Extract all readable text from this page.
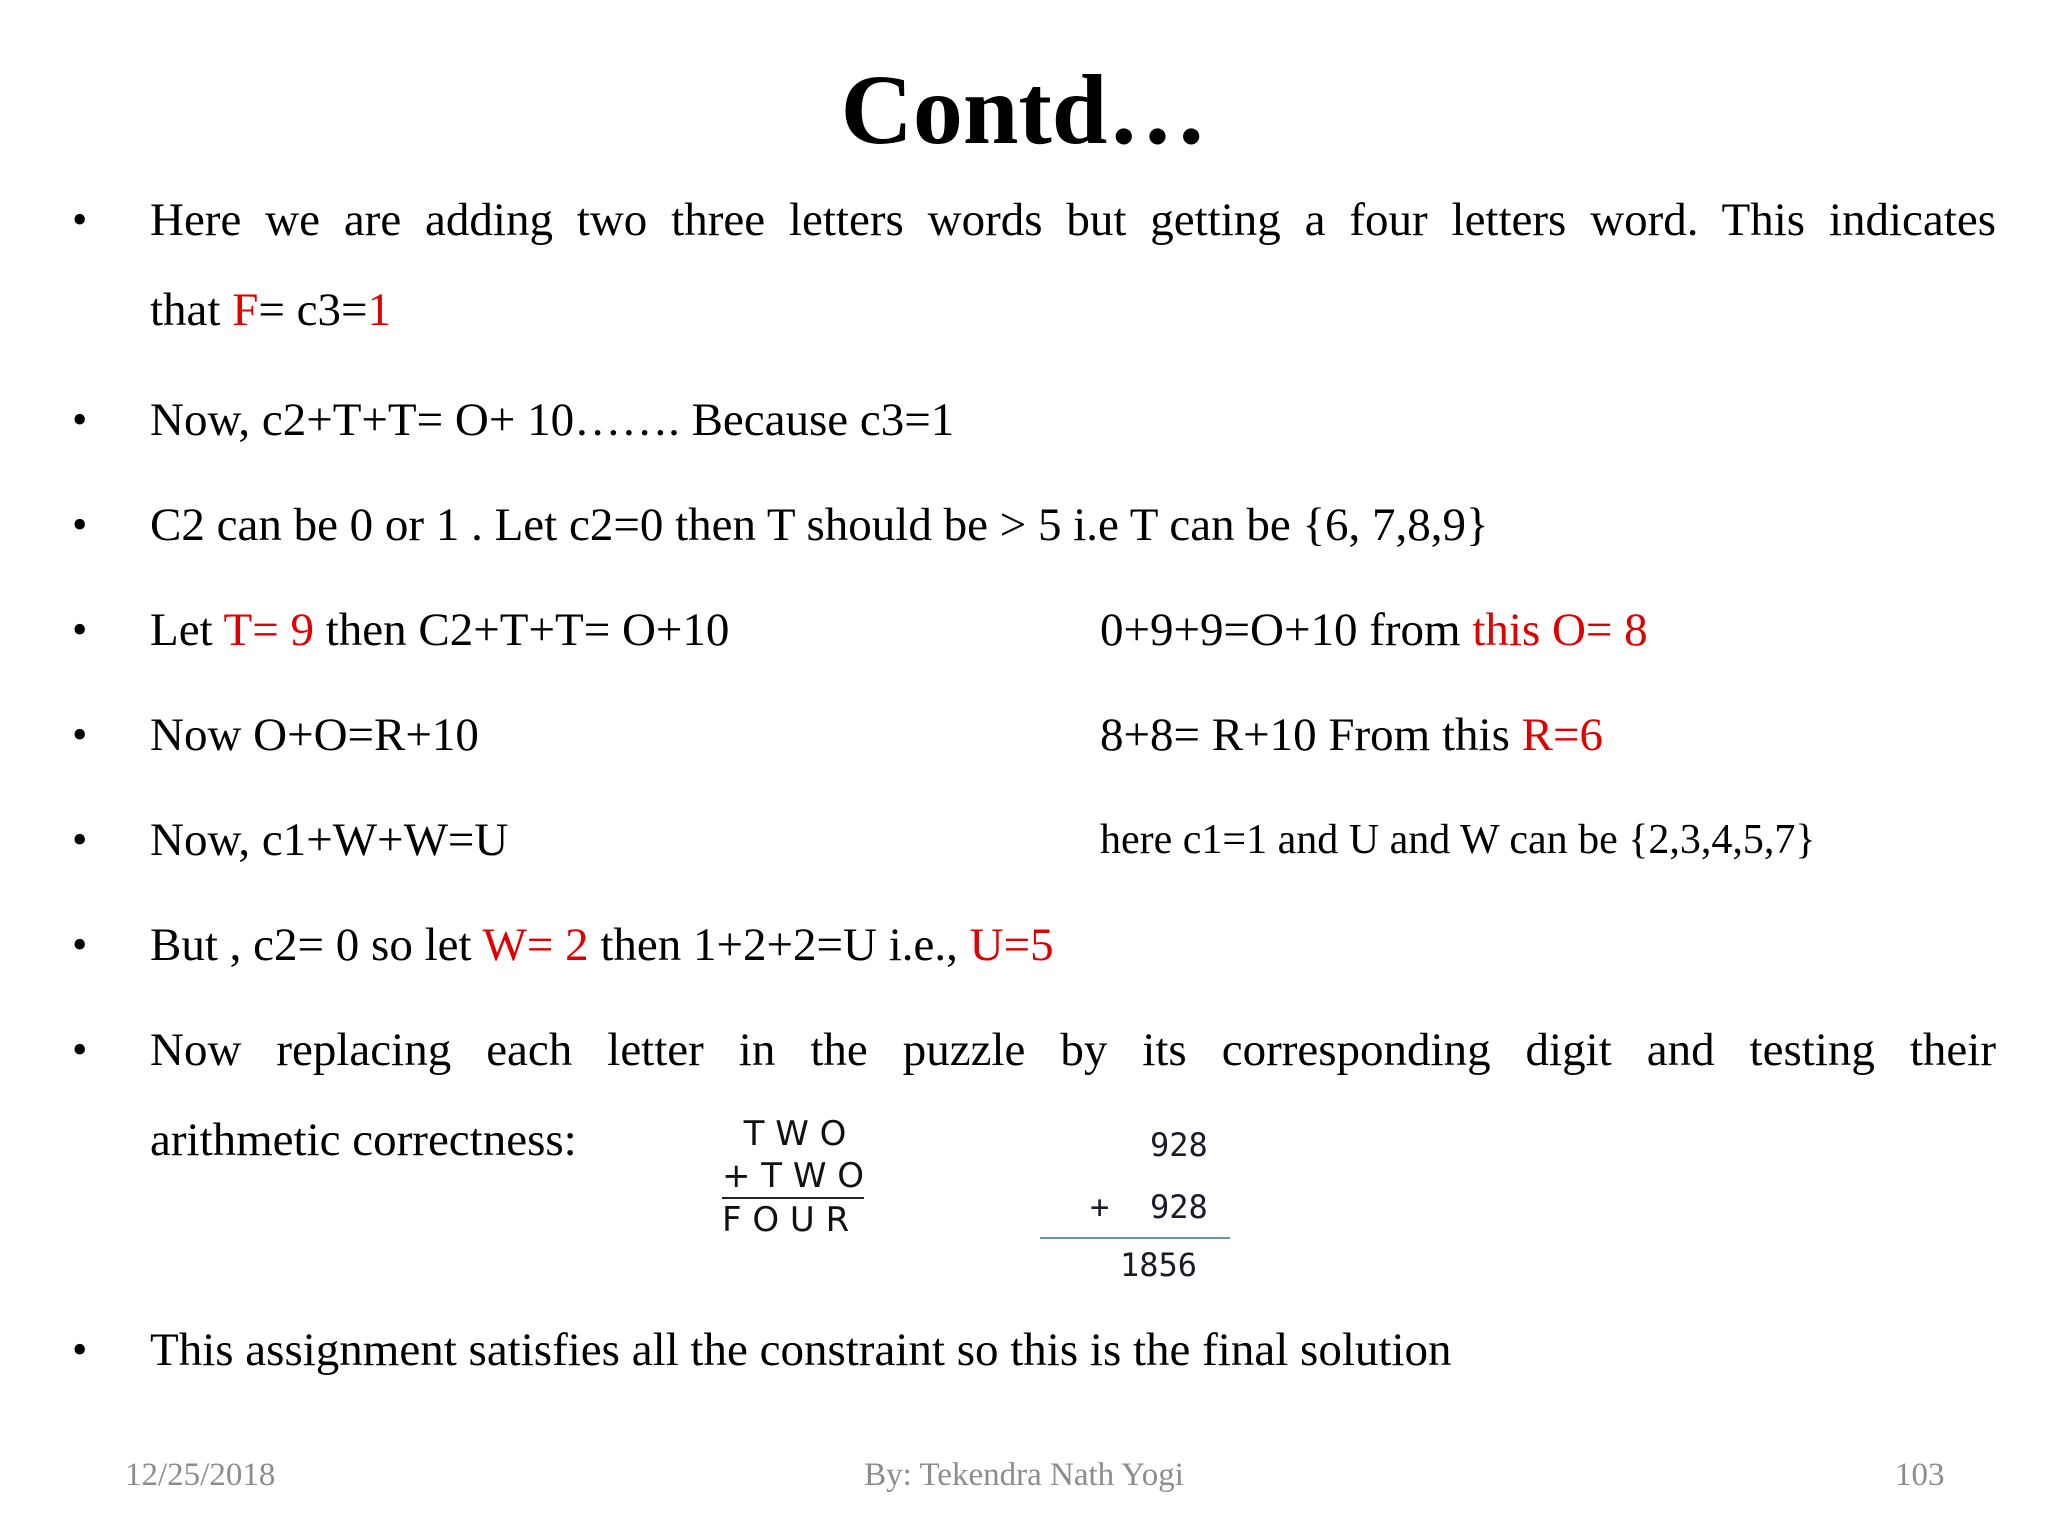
Contd…
• Here we are adding two three letters words but getting a four letters word. This indicates
that F= c3=1
• Now, c2+T+T= O+ 10……. Because c3=1
• C2 can be 0 or 1 . Let c2=0 then T should be > 5 i.e T can be {6, 7,8,9}
• Let T= 9 then C2+T+T= O+10	0+9+9=O+10 from this O= 8
• Now O+O=R+10	8+8= R+10 From this R=6
• Now, c1+W+W=U	here c1=1 and U and W can be {2,3,4,5,7}
• But , c2= 0 so let W= 2 then 1+2+2=U i.e., U=5
• Now replacing each letter in the puzzle by its corresponding digit and testing their
arithmetic correctness:	T W O
+ T W O
F O U R
928
+ 928
1856
• This assignment satisfies all the constraint so this is the final solution
12/25/2018	By: Tekendra Nath Yogi	103
